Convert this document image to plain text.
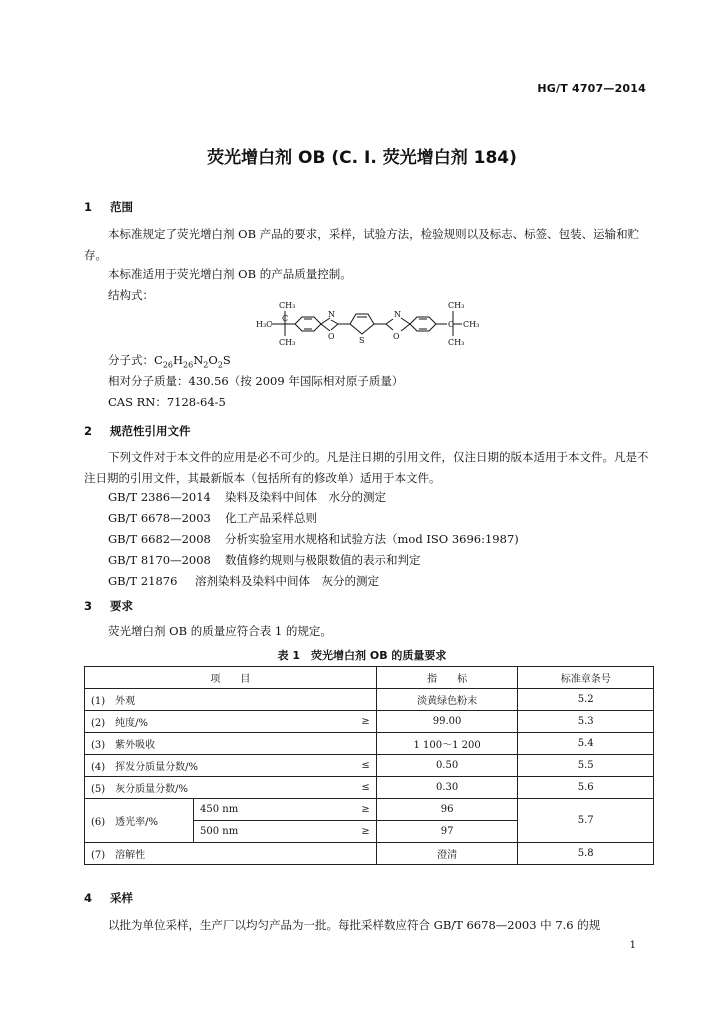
HG/T 4707—2014
荧光增白剂 OB (C. I. 荧光增白剂 184)
1 范围
本标准规定了荧光增白剂 OB 产品的要求，采样，试验方法，检验规则以及标志、标签、包装、运输和贮存。
本标准适用于荧光增白剂 OB 的产品质量控制。
结构式：
CH₃
H₃C
C
CH₃
N
O	S
N
O
CH₃
C CH₃
CH₃
分子式：$C_{26}H_{26}N_2O_2S$
相对分子质量：430.56（按 2009 年国际相对原子质量）
CAS RN：7128-64-5
2 规范性引用文件
下列文件对于本文件的应用是必不可少的。凡是注日期的引用文件，仅注日期的版本适用于本文件。凡是不注日期的引用文件，其最新版本（包括所有的修改单）适用于本文件。
GB/T 2386—2014 染料及染料中间体　水分的测定
GB/T 6678—2003 化工产品采样总则
GB/T 6682—2008 分析实验室用水规格和试验方法（mod ISO 3696:1987)
GB/T 8170—2008 数值修约规则与极限数值的表示和判定
GB/T 21876 溶剂染料及染料中间体　灰分的测定
3 要求
荧光增白剂 OB 的质量应符合表 1 的规定。
表 1　荧光增白剂 OB 的质量要求
项　　目			指　　标	标准章条号
(1)　 外观			淡黄绿色粉末	5.2
(2)　 纯度/%		≥	99.00	5.3
(3)　 紫外吸收			1 100～1 200	5.4
(4)　 挥发分质量分数/%		≤	0.50	5.5
(5)　 灰分质量分数/%		≤	0.30	5.6
(6)　 透光率/%	450 nm	≥	96	5.7
	500 nm	≥	97	
(7)　 溶解性			澄清	5.8
4 采样
以批为单位采样，生产厂以均匀产品为一批。每批采样数应符合 GB/T 6678—2003 中 7.6 的规
1
